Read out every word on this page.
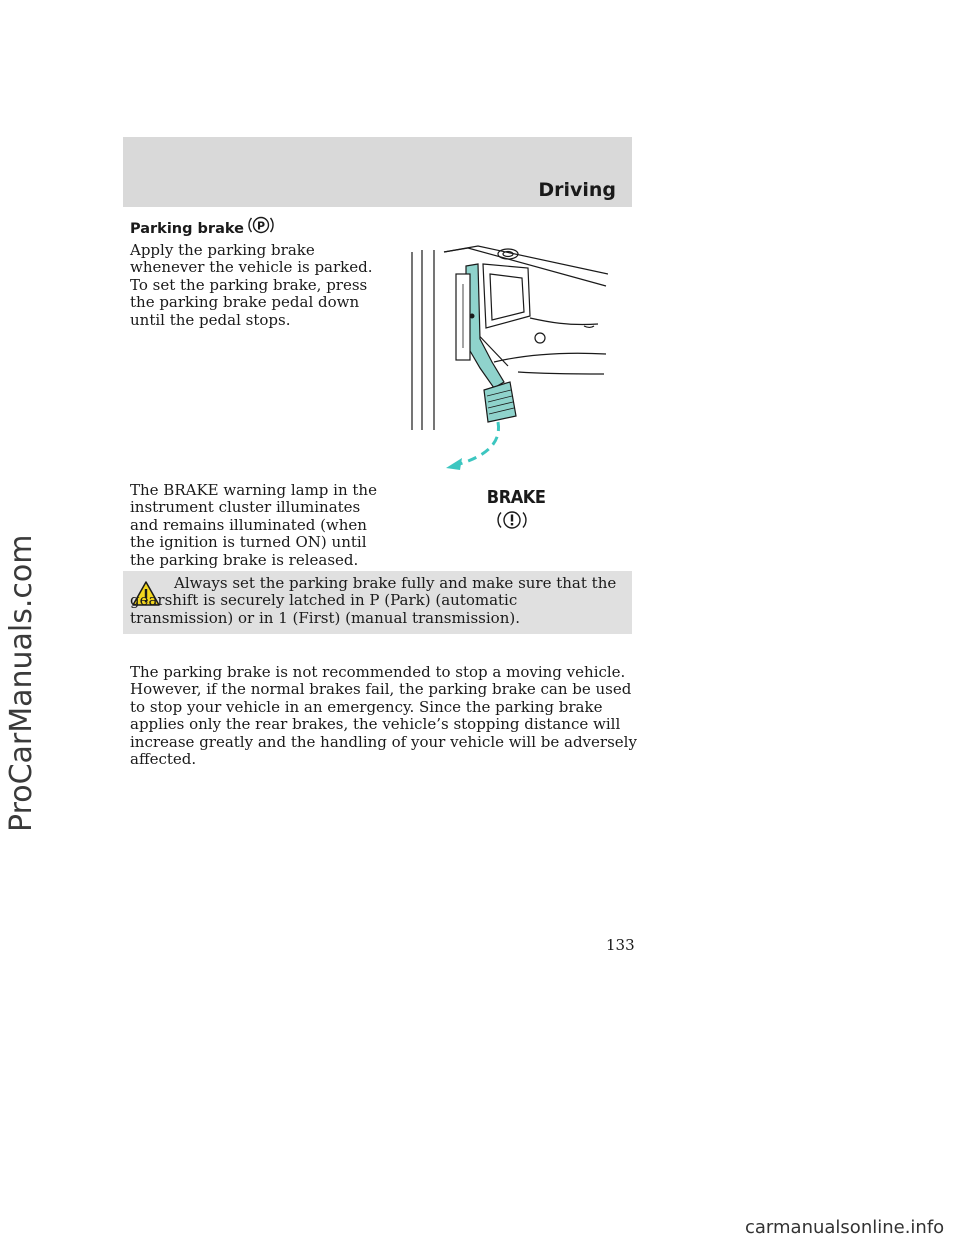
Driving
Parking brake P
Apply the parking brake whenever the vehicle is parked. To set the parking brake, press the parking brake pedal down until the pedal stops.
The BRAKE warning lamp in the instrument cluster illuminates and remains illuminated (when the ignition is turned ON) until the parking brake is released.
BRAKE
Always set the parking brake fully and make sure that the gearshift is securely latched in P (Park) (automatic transmission) or in 1 (First) (manual transmission).
The parking brake is not recommended to stop a moving vehicle. However, if the normal brakes fail, the parking brake can be used to stop your vehicle in an emergency. Since the parking brake applies only the rear brakes, the vehicle’s stopping distance will increase greatly and the handling of your vehicle will be adversely affected.
133
ProCarManuals.com
carmanualsonline.info
